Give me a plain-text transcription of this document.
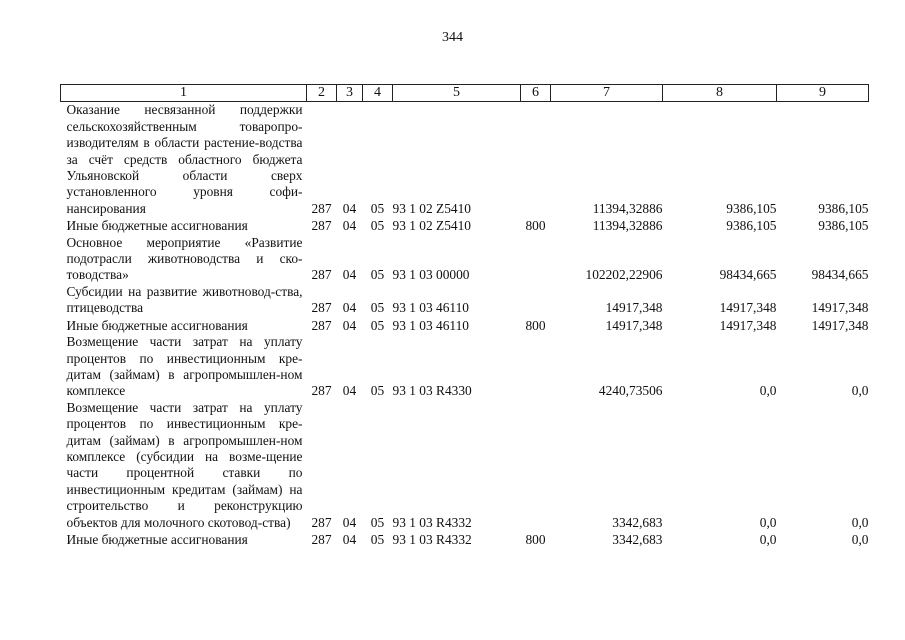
344
1	2	3	4	5	6	7	8	9
Оказание несвязанной поддержки сельскохозяйственным товаропро-изводителям в области растение-водства за счёт средств областного бюджета Ульяновской области сверх установленного уровня софи-нансирования	287	04	05	93 1 02 Z5410		11394,32886	9386,105	9386,105
Иные бюджетные ассигнования	287	04	05	93 1 02 Z5410	800	11394,32886	9386,105	9386,105
Основное мероприятие «Развитие подотрасли животноводства и ско-товодства»	287	04	05	93 1 03 00000		102202,22906	98434,665	98434,665
Субсидии на развитие животновод-ства, птицеводства	287	04	05	93 1 03 46110		14917,348	14917,348	14917,348
Иные бюджетные ассигнования	287	04	05	93 1 03 46110	800	14917,348	14917,348	14917,348
Возмещение части затрат на уплату процентов по инвестиционным кре-дитам (займам) в агропромышлен-ном комплексе	287	04	05	93 1 03 R4330		4240,73506	0,0	0,0
Возмещение части затрат на уплату процентов по инвестиционным кре-дитам (займам) в агропромышлен-ном комплексе (субсидии на возме-щение части процентной ставки по инвестиционным кредитам (займам) на строительство и реконструкцию объектов для молочного скотовод-ства)	287	04	05	93 1 03 R4332		3342,683	0,0	0,0
Иные бюджетные ассигнования	287	04	05	93 1 03 R4332	800	3342,683	0,0	0,0
